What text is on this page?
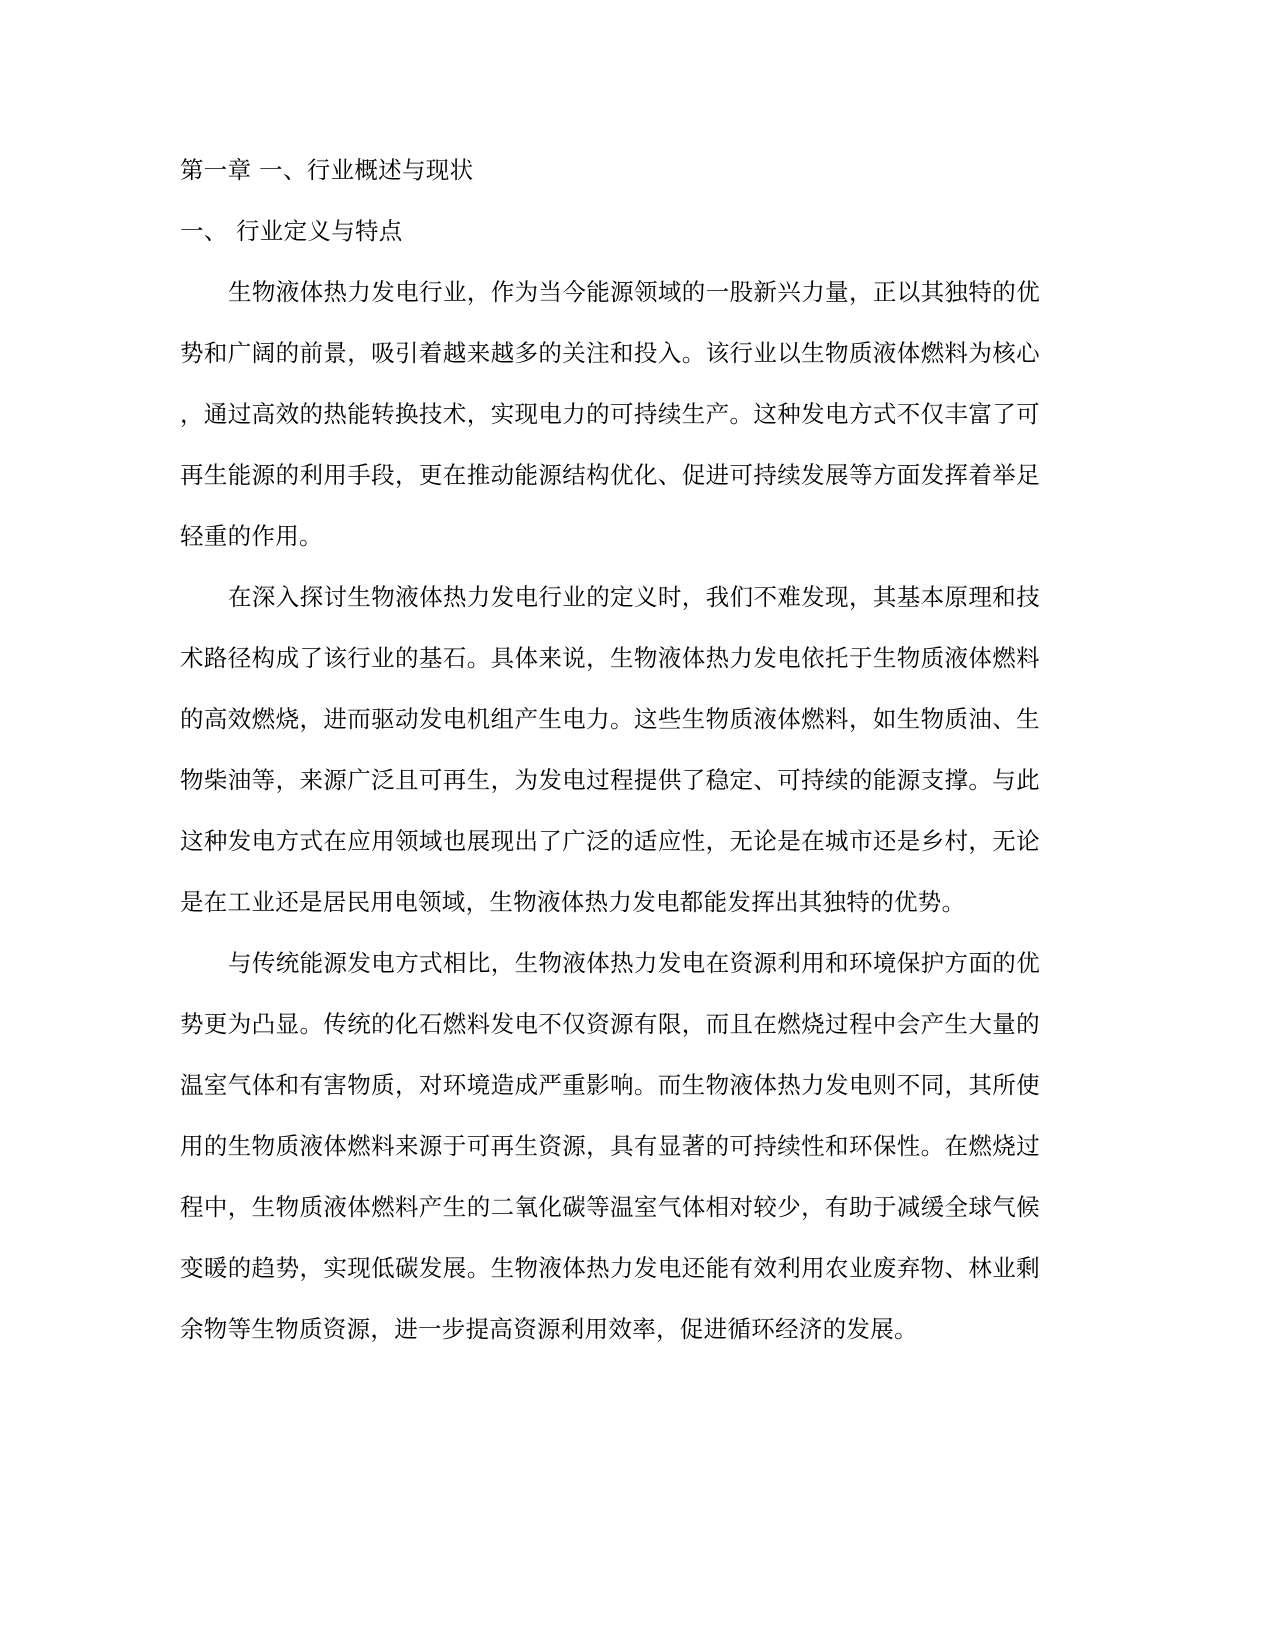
第一章 一、行业概述与现状
一、 行业定义与特点
生物液体热力发电行业，作为当今能源领域的一股新兴力量，正以其独特的优
势和广阔的前景，吸引着越来越多的关注和投入。该行业以生物质液体燃料为核心
，通过高效的热能转换技术，实现电力的可持续生产。这种发电方式不仅丰富了可
再生能源的利用手段，更在推动能源结构优化、促进可持续发展等方面发挥着举足
轻重的作用。
在深入探讨生物液体热力发电行业的定义时，我们不难发现，其基本原理和技
术路径构成了该行业的基石。具体来说，生物液体热力发电依托于生物质液体燃料
的高效燃烧，进而驱动发电机组产生电力。这些生物质液体燃料，如生物质油、生
物柴油等，来源广泛且可再生，为发电过程提供了稳定、可持续的能源支撑。与此
这种发电方式在应用领域也展现出了广泛的适应性，无论是在城市还是乡村，无论
是在工业还是居民用电领域，生物液体热力发电都能发挥出其独特的优势。
与传统能源发电方式相比，生物液体热力发电在资源利用和环境保护方面的优
势更为凸显。传统的化石燃料发电不仅资源有限，而且在燃烧过程中会产生大量的
温室气体和有害物质，对环境造成严重影响。而生物液体热力发电则不同，其所使
用的生物质液体燃料来源于可再生资源，具有显著的可持续性和环保性。在燃烧过
程中，生物质液体燃料产生的二氧化碳等温室气体相对较少，有助于减缓全球气候
变暖的趋势，实现低碳发展。生物液体热力发电还能有效利用农业废弃物、林业剩
余物等生物质资源，进一步提高资源利用效率，促进循环经济的发展。
